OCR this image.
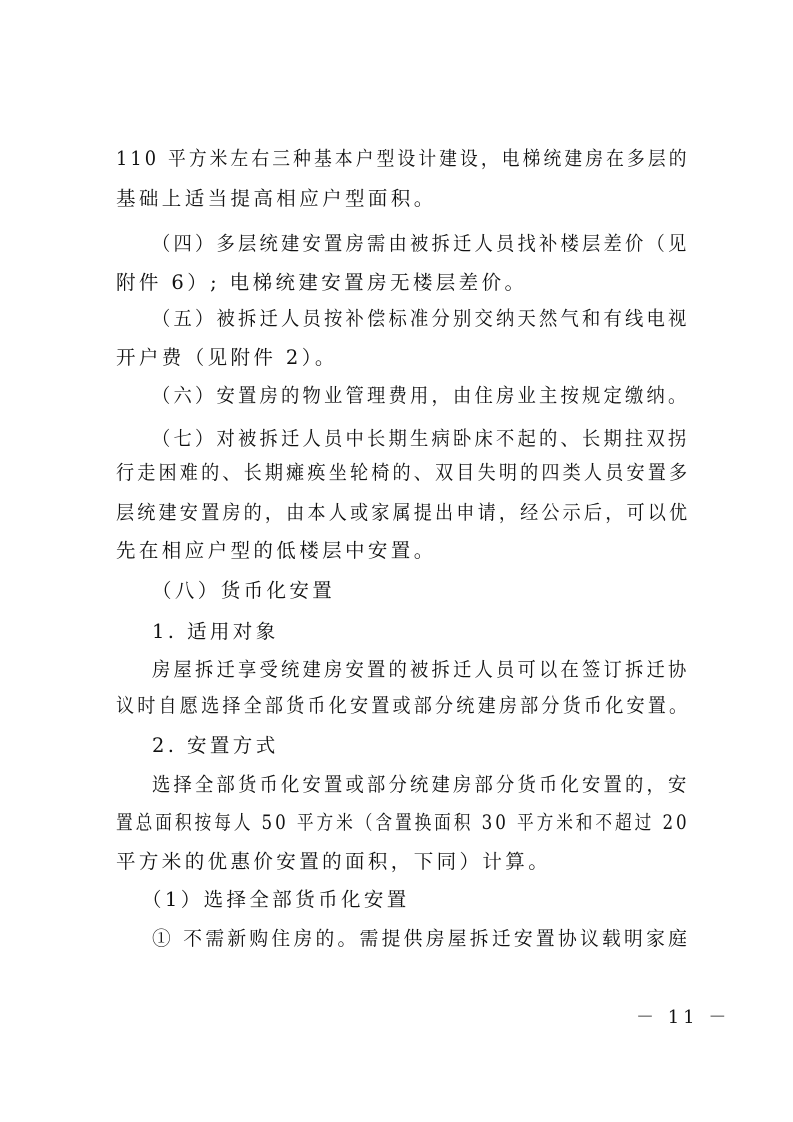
110 平方米左右三种基本户型设计建设，电梯统建房在多层的
基础上适当提高相应户型面积。
（四）多层统建安置房需由被拆迁人员找补楼层差价（见
附件 6）; 电梯统建安置房无楼层差价。
（五）被拆迁人员按补偿标准分别交纳天然气和有线电视
开户费（见附件 2）。
（六）安置房的物业管理费用，由住房业主按规定缴纳。
（七）对被拆迁人员中长期生病卧床不起的、长期拄双拐
行走困难的、长期瘫痪坐轮椅的、双目失明的四类人员安置多
层统建安置房的，由本人或家属提出申请，经公示后，可以优
先在相应户型的低楼层中安置。
（八）货币化安置
1. 适用对象
房屋拆迁享受统建房安置的被拆迁人员可以在签订拆迁协
议时自愿选择全部货币化安置或部分统建房部分货币化安置。
2. 安置方式
选择全部货币化安置或部分统建房部分货币化安置的，安
置总面积按每人 50 平方米（含置换面积 30 平方米和不超过 20
平方米的优惠价安置的面积，下同）计算。
（1）选择全部货币化安置
① 不需新购住房的。需提供房屋拆迁安置协议载明家庭
－ 11 －
